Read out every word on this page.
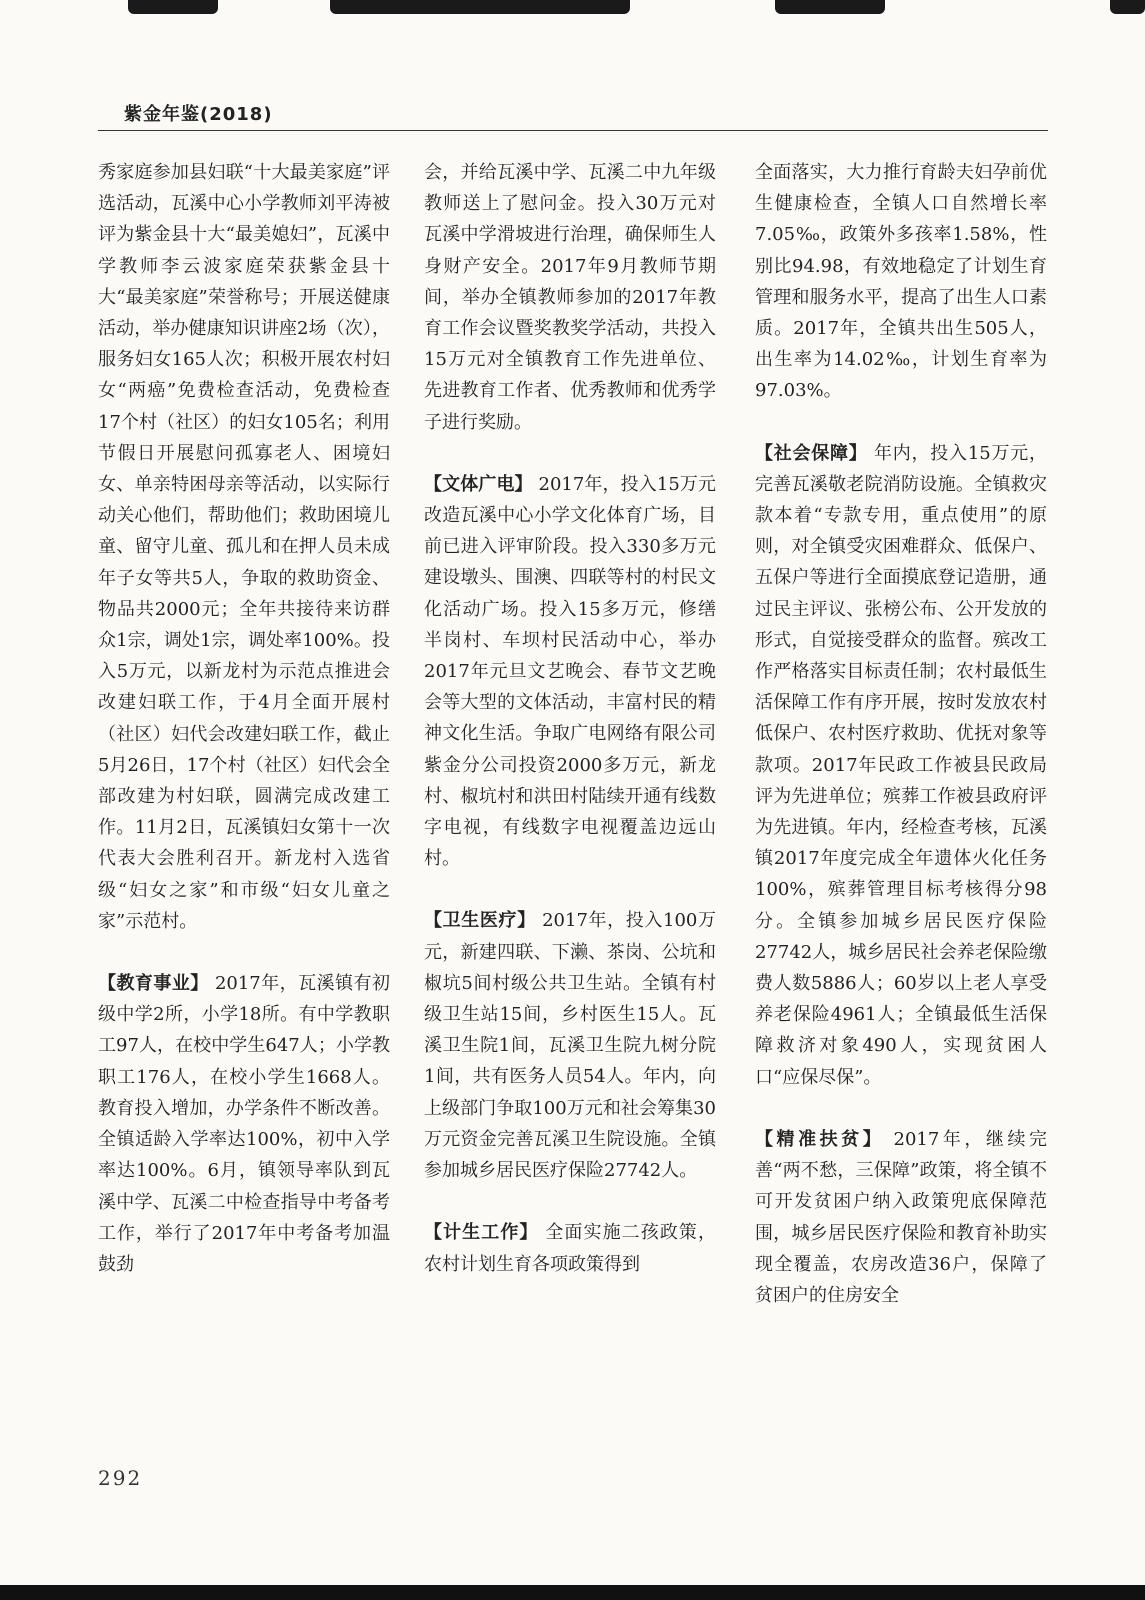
紫金年鉴(2018)

秀家庭参加县妇联“十大最美家庭”评选活动，瓦溪中心小学教师刘平涛被评为紫金县十大“最美媳妇”，瓦溪中学教师李云波家庭荣获紫金县十大“最美家庭”荣誉称号；开展送健康活动，举办健康知识讲座2场（次），服务妇女165人次；积极开展农村妇女“两癌”免费检查活动，免费检查17个村（社区）的妇女105名；利用节假日开展慰问孤寡老人、困境妇女、单亲特困母亲等活动，以实际行动关心他们，帮助他们；救助困境儿童、留守儿童、孤儿和在押人员未成年子女等共5人，争取的救助资金、物品共2000元；全年共接待来访群众1宗，调处1宗，调处率100%。投入5万元，以新龙村为示范点推进会改建妇联工作，于4月全面开展村（社区）妇代会改建妇联工作，截止5月26日，17个村（社区）妇代会全部改建为村妇联，圆满完成改建工作。11月2日，瓦溪镇妇女第十一次代表大会胜利召开。新龙村入选省级“妇女之家”和市级“妇女儿童之家”示范村。

【教育事业】 2017年，瓦溪镇有初级中学2所，小学18所。有中学教职工97人，在校中学生647人；小学教职工176人，在校小学生1668人。教育投入增加，办学条件不断改善。全镇适龄入学率达100%，初中入学率达100%。6月，镇领导率队到瓦溪中学、瓦溪二中检查指导中考备考工作，举行了2017年中考备考加温鼓劲

会，并给瓦溪中学、瓦溪二中九年级教师送上了慰问金。投入30万元对瓦溪中学滑坡进行治理，确保师生人身财产安全。2017年9月教师节期间，举办全镇教师参加的2017年教育工作会议暨奖教奖学活动，共投入15万元对全镇教育工作先进单位、先进教育工作者、优秀教师和优秀学子进行奖励。

【文体广电】 2017年，投入15万元改造瓦溪中心小学文化体育广场，目前已进入评审阶段。投入330多万元建设墩头、围澳、四联等村的村民文化活动广场。投入15多万元，修缮半岗村、车坝村民活动中心，举办2017年元旦文艺晚会、春节文艺晚会等大型的文体活动，丰富村民的精神文化生活。争取广电网络有限公司紫金分公司投资2000多万元，新龙村、椒坑村和洪田村陆续开通有线数字电视，有线数字电视覆盖边远山村。

【卫生医疗】 2017年，投入100万元，新建四联、下濑、茶岗、公坑和椒坑5间村级公共卫生站。全镇有村级卫生站15间，乡村医生15人。瓦溪卫生院1间，瓦溪卫生院九树分院1间，共有医务人员54人。年内，向上级部门争取100万元和社会筹集30万元资金完善瓦溪卫生院设施。全镇参加城乡居民医疗保险27742人。

【计生工作】 全面实施二孩政策，农村计划生育各项政策得到

全面落实，大力推行育龄夫妇孕前优生健康检查，全镇人口自然增长率7.05‰，政策外多孩率1.58%，性别比94.98，有效地稳定了计划生育管理和服务水平，提高了出生人口素质。2017年，全镇共出生505人，出生率为14.02‰，计划生育率为97.03%。

【社会保障】 年内，投入15万元，完善瓦溪敬老院消防设施。全镇救灾款本着“专款专用，重点使用”的原则，对全镇受灾困难群众、低保户、五保户等进行全面摸底登记造册，通过民主评议、张榜公布、公开发放的形式，自觉接受群众的监督。殡改工作严格落实目标责任制；农村最低生活保障工作有序开展，按时发放农村低保户、农村医疗救助、优抚对象等款项。2017年民政工作被县民政局评为先进单位；殡葬工作被县政府评为先进镇。年内，经检查考核，瓦溪镇2017年度完成全年遗体火化任务100%，殡葬管理目标考核得分98分。全镇参加城乡居民医疗保险27742人，城乡居民社会养老保险缴费人数5886人；60岁以上老人享受养老保险4961人；全镇最低生活保障救济对象490人，实现贫困人口“应保尽保”。

【精准扶贫】 2017年，继续完善“两不愁，三保障”政策，将全镇不可开发贫困户纳入政策兜底保障范围，城乡居民医疗保险和教育补助实现全覆盖，农房改造36户，保障了贫困户的住房安全

292
